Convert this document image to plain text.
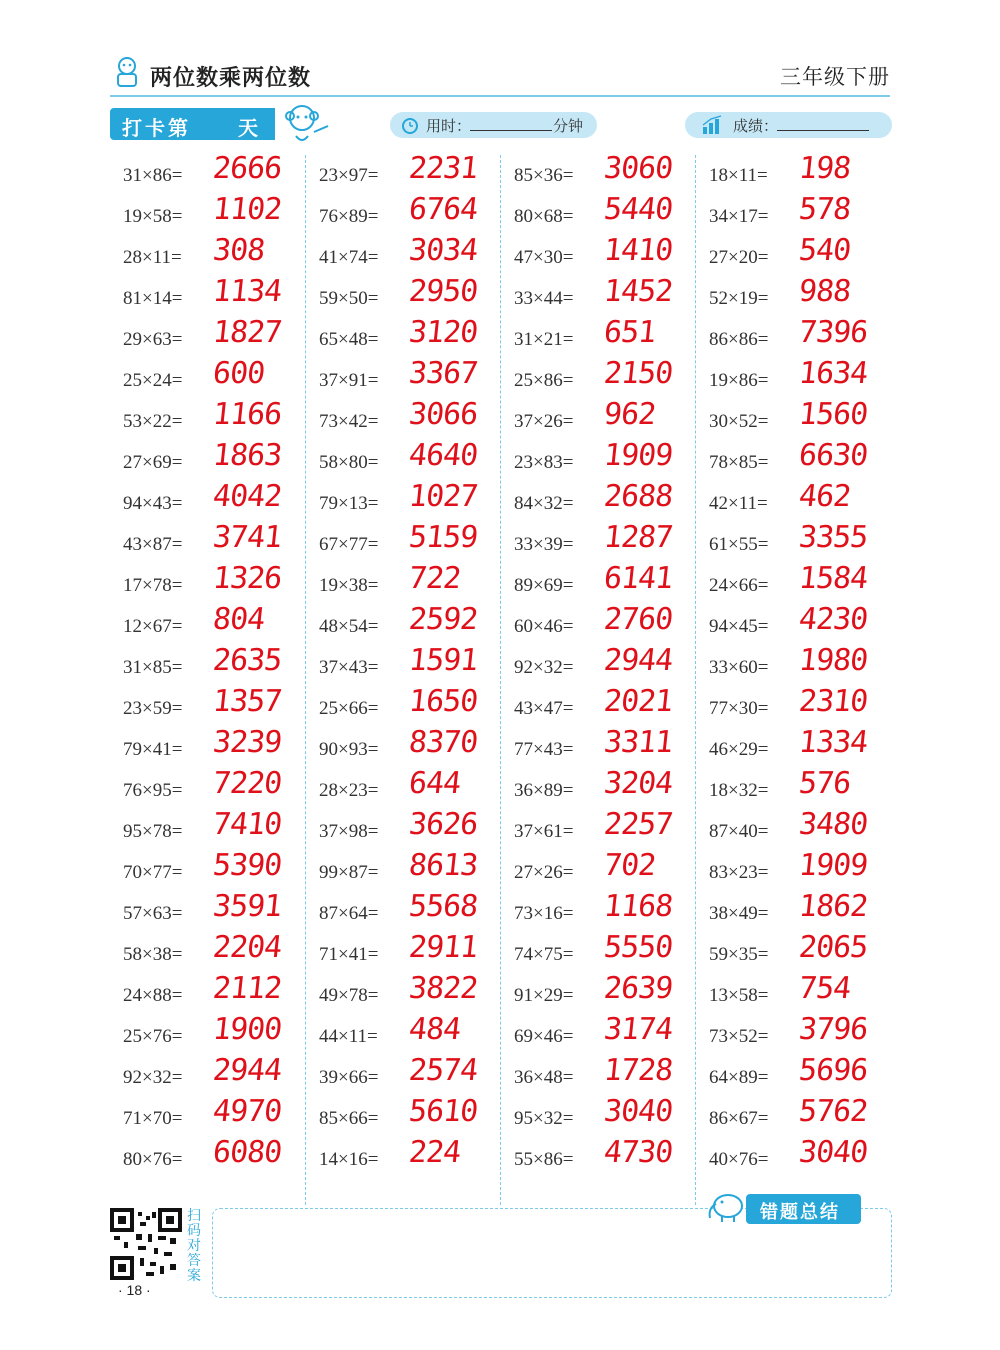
两位数乘两位数	三年级下册
打卡第 天	用时：	分钟	成绩：
31×86= 2666
19×58= 1102
28×11= 308
81×14= 1134
29×63= 1827
25×24= 600
53×22= 1166
27×69= 1863
94×43= 4042
43×87= 3741
17×78= 1326
12×67= 804
31×85= 2635
23×59= 1357
79×41= 3239
76×95= 7220
95×78= 7410
70×77= 5390
57×63= 3591
58×38= 2204
24×88= 2112
25×76= 1900
92×32= 2944
71×70= 4970
80×76= 6080
23×97= 2231
76×89= 6764
41×74= 3034
59×50= 2950
65×48= 3120
37×91= 3367
73×42= 3066
58×80= 4640
79×13= 1027
67×77= 5159
19×38= 722
48×54= 2592
37×43= 1591
25×66= 1650
90×93= 8370
28×23= 644
37×98= 3626
99×87= 8613
87×64= 5568
71×41= 2911
49×78= 3822
44×11= 484
39×66= 2574
85×66= 5610
14×16= 224
85×36= 3060
80×68= 5440
47×30= 1410
33×44= 1452
31×21= 651
25×86= 2150
37×26= 962
23×83= 1909
84×32= 2688
33×39= 1287
89×69= 6141
60×46= 2760
92×32= 2944
43×47= 2021
77×43= 3311
36×89= 3204
37×61= 2257
27×26= 702
73×16= 1168
74×75= 5550
91×29= 2639
69×46= 3174
36×48= 1728
95×32= 3040
55×86= 4730
18×11= 198
34×17= 578
27×20= 540
52×19= 988
86×86= 7396
19×86= 1634
30×52= 1560
78×85= 6630
42×11= 462
61×55= 3355
24×66= 1584
94×45= 4230
33×60= 1980
77×30= 2310
46×29= 1334
18×32= 576
87×40= 3480
83×23= 1909
38×49= 1862
59×35= 2065
13×58= 754
73×52= 3796
64×89= 5696
86×67= 5762
40×76= 3040
扫码对答案
· 18 ·
错题总结
